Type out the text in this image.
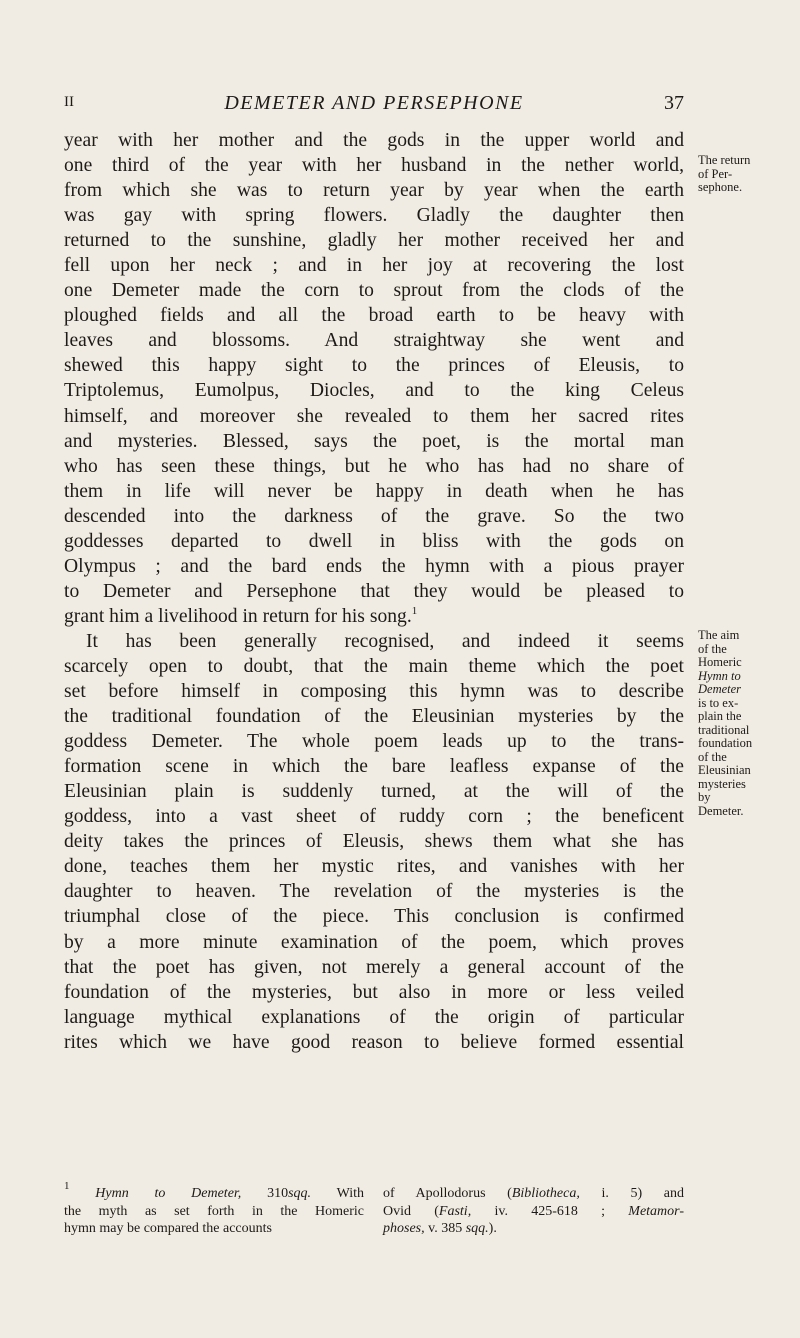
II	DEMETER AND PERSEPHONE	37
year with her mother and the gods in the upper world and
one third of the year with her husband in the nether world,
from which she was to return year by year when the earth
was gay with spring flowers. Gladly the daughter then
returned to the sunshine, gladly her mother received her and
fell upon her neck ; and in her joy at recovering the lost
one Demeter made the corn to sprout from the clods of the
ploughed fields and all the broad earth to be heavy with
leaves and blossoms. And straightway she went and
shewed this happy sight to the princes of Eleusis, to
Triptolemus, Eumolpus, Diocles, and to the king Celeus
himself, and moreover she revealed to them her sacred rites
and mysteries. Blessed, says the poet, is the mortal man
who has seen these things, but he who has had no share of
them in life will never be happy in death when he has
descended into the darkness of the grave. So the two
goddesses departed to dwell in bliss with the gods on
Olympus ; and the bard ends the hymn with a pious prayer
to Demeter and Persephone that they would be pleased to
grant him a livelihood in return for his song.$^1$
It has been generally recognised, and indeed it seems
scarcely open to doubt, that the main theme which the poet
set before himself in composing this hymn was to describe
the traditional foundation of the Eleusinian mysteries by the
goddess Demeter. The whole poem leads up to the trans-
formation scene in which the bare leafless expanse of the
Eleusinian plain is suddenly turned, at the will of the
goddess, into a vast sheet of ruddy corn ; the beneficent
deity takes the princes of Eleusis, shews them what she has
done, teaches them her mystic rites, and vanishes with her
daughter to heaven. The revelation of the mysteries is the
triumphal close of the piece. This conclusion is confirmed
by a more minute examination of the poem, which proves
that the poet has given, not merely a general account of the
foundation of the mysteries, but also in more or less veiled
language mythical explanations of the origin of particular
rites which we have good reason to believe formed essential
The return
of Per-
sephone.
The aim
of the
Homeric
Hymn to
Demeter
is to ex-
plain the
traditional
foundation
of the
Eleusinian
mysteries
by
Demeter.
$^1$ Hymn to Demeter, 310sqq. With
the myth as set forth in the Homeric
hymn may be compared the accounts
of Apollodorus (Bibliotheca, i. 5) and
Ovid (Fasti, iv. 425-618 ; Metamor-
phoses, v. 385 sqq.).
